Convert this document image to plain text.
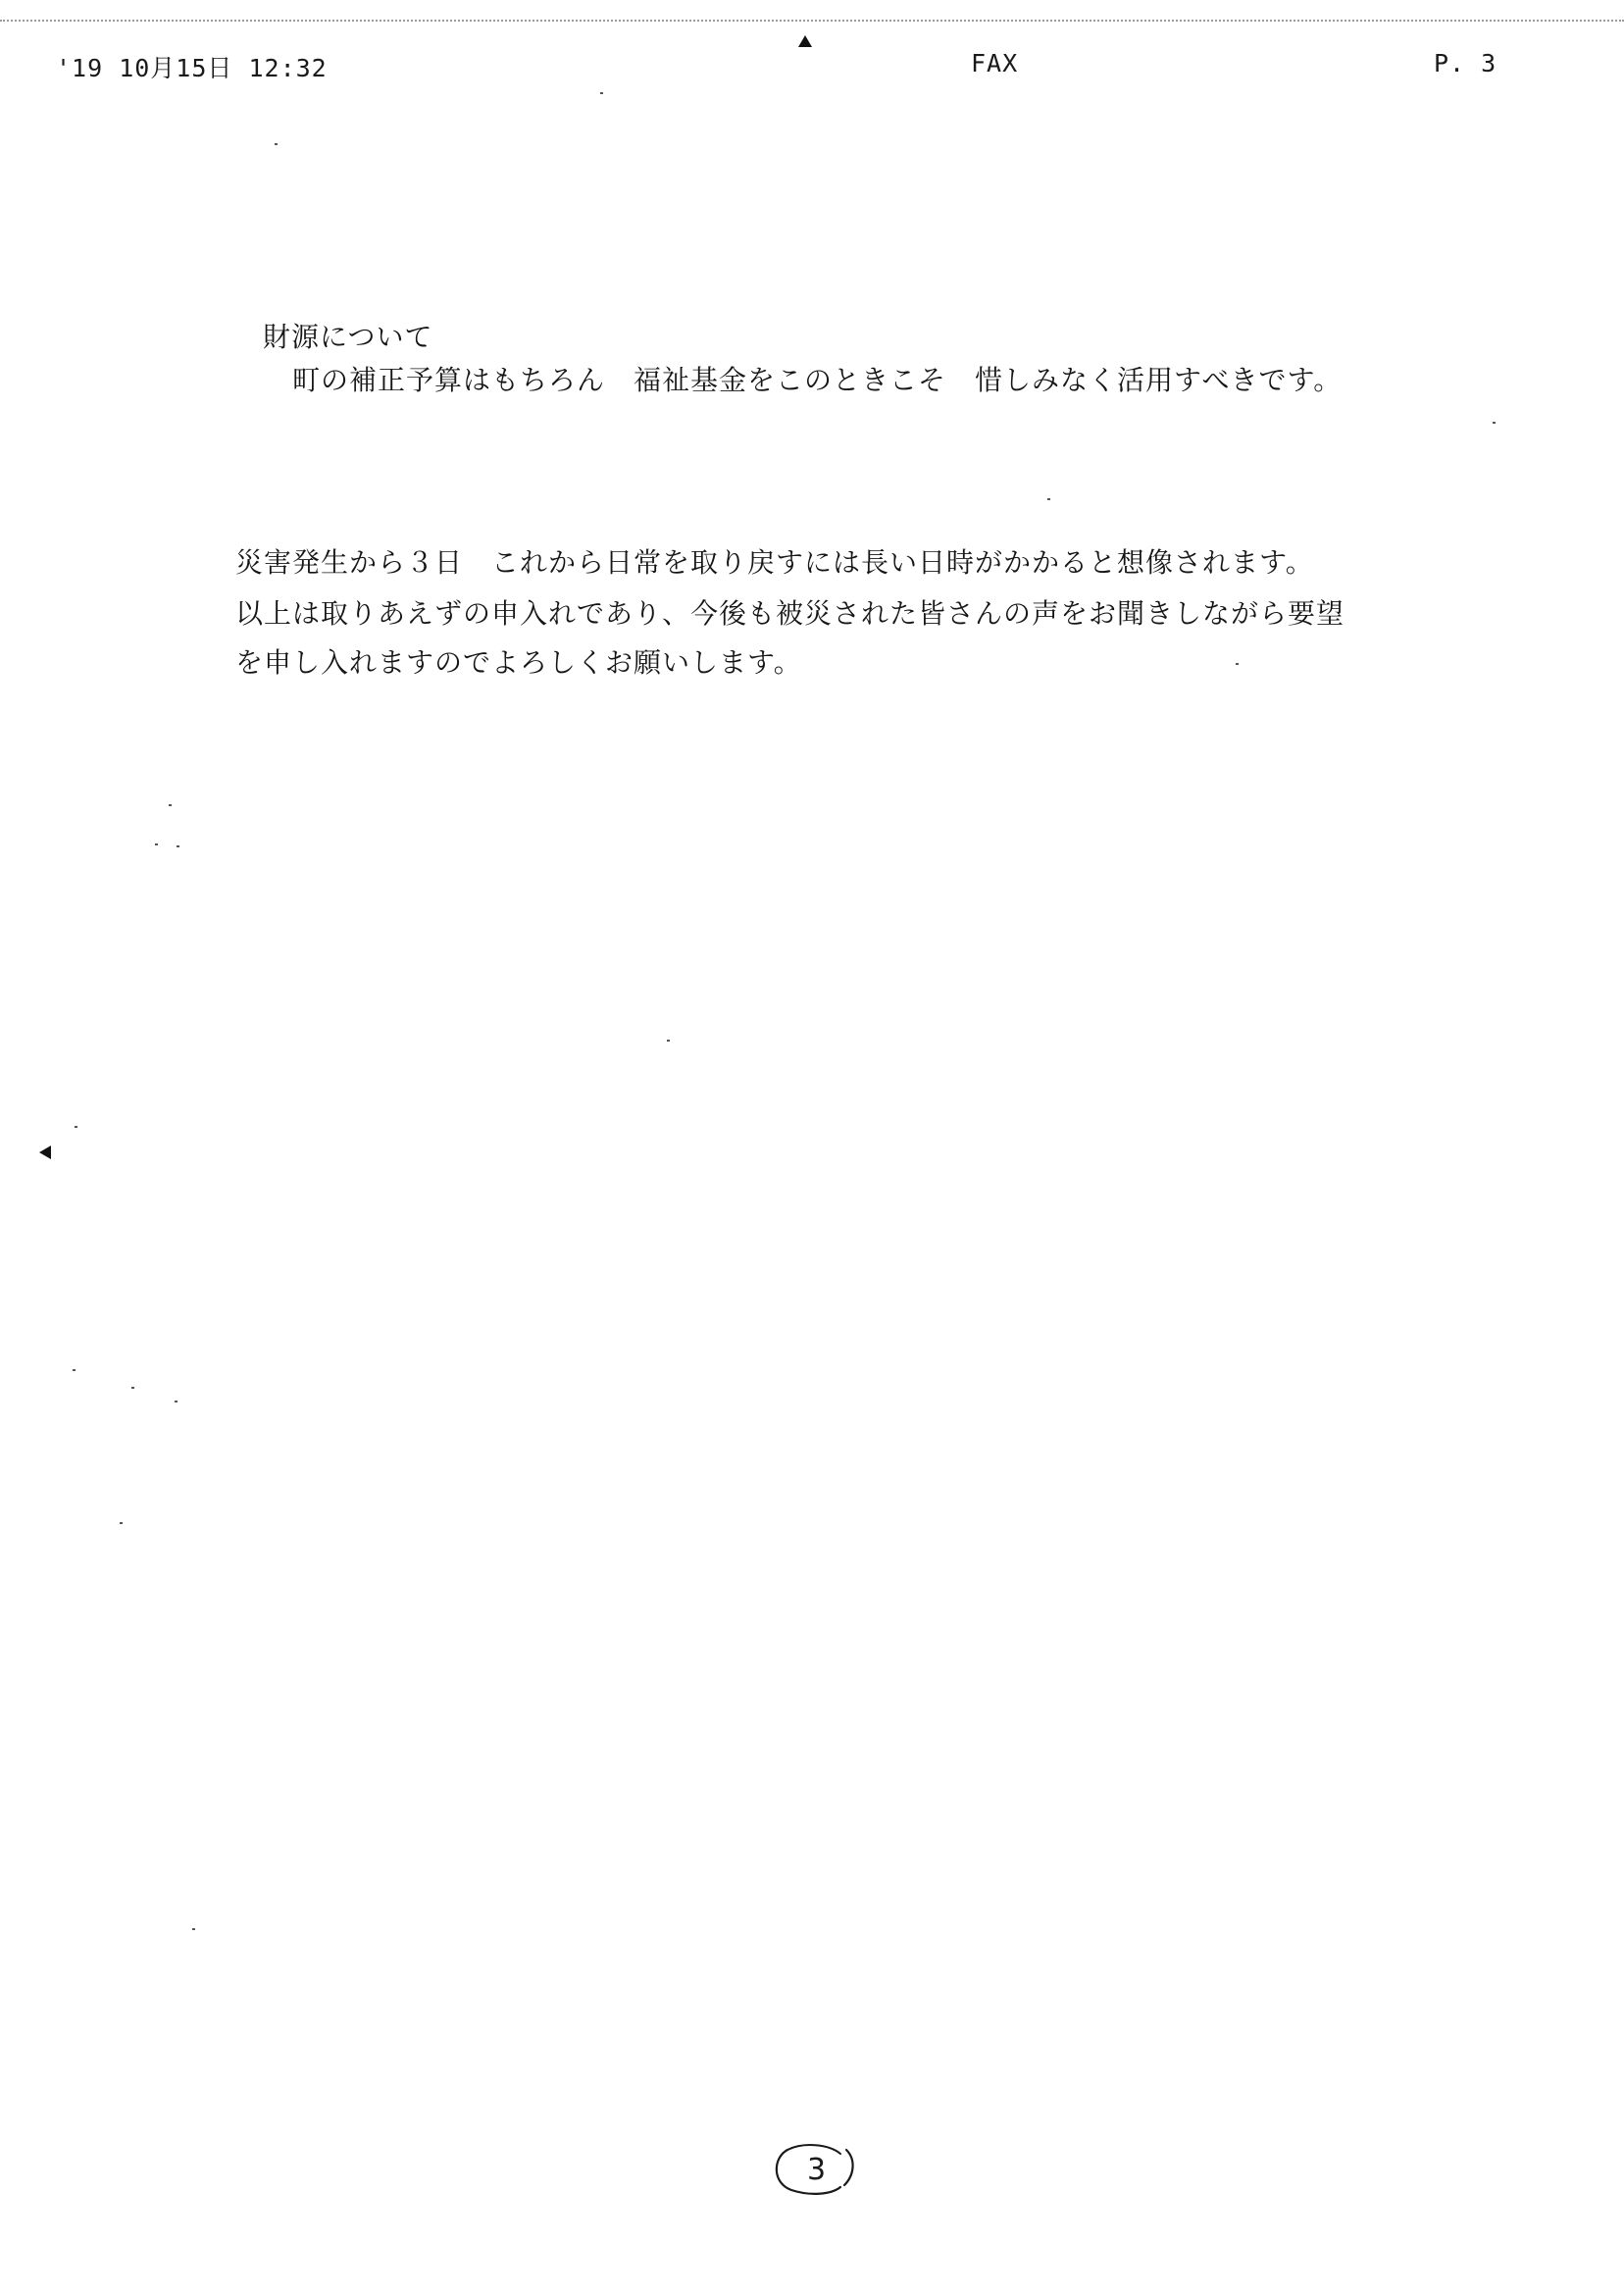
'19 10月15日 12:32	FAX	P. 3
財源について
町の補正予算はもちろん　福祉基金をこのときこそ　惜しみなく活用すべきです。
災害発生から３日　これから日常を取り戻すには長い日時がかかると想像されます。
以上は取りあえずの申入れであり、今後も被災された皆さんの声をお聞きしながら要望
を申し入れますのでよろしくお願いします。
3
